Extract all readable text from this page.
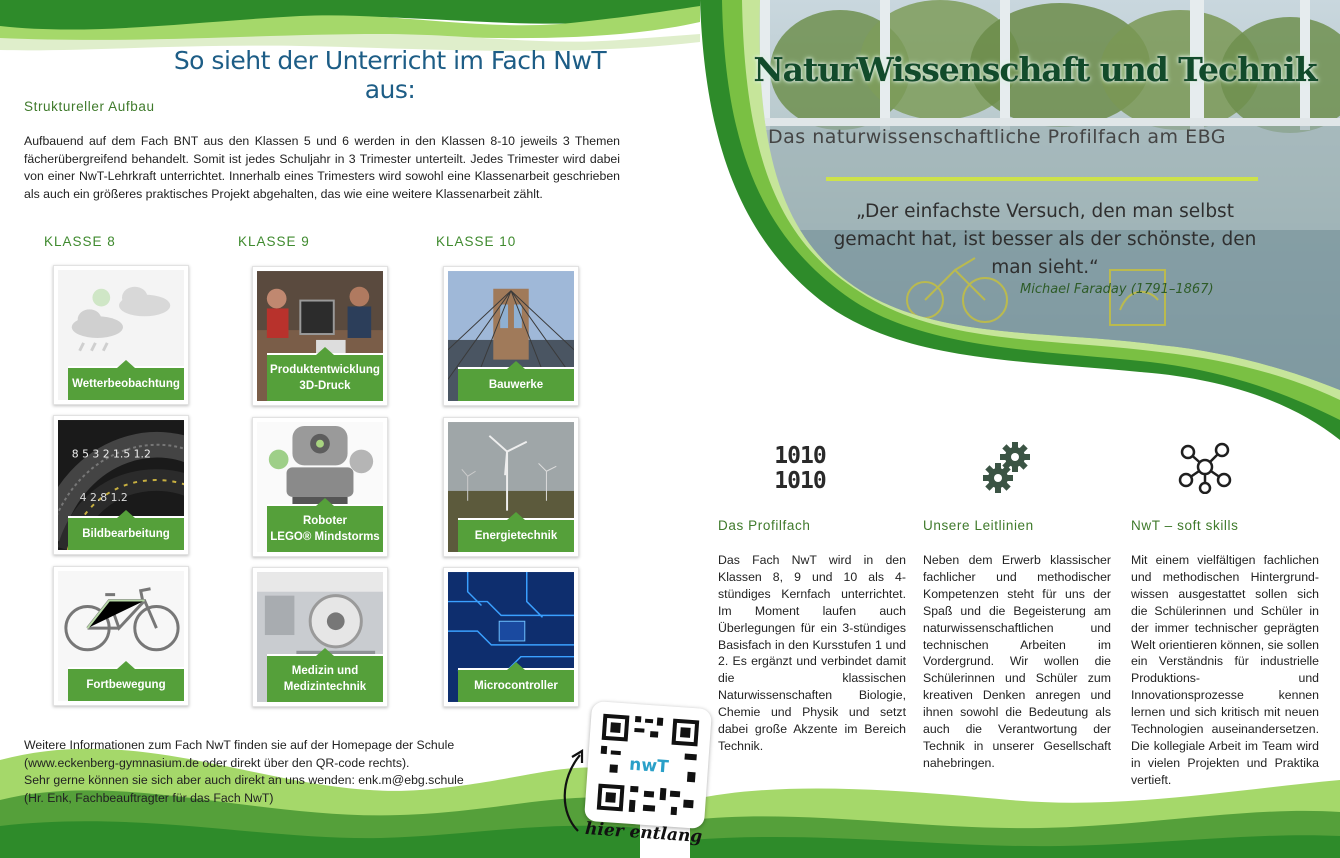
So sieht der Unterricht im Fach NwT aus:
Struktureller Aufbau
Aufbauend auf dem Fach BNT aus den Klassen 5 und 6 werden in den Klassen 8-10 jeweils 3 Themen fächerübergreifend behandelt. Somit ist jedes Schuljahr in 3 Trimester unterteilt. Jedes Trimester wird dabei von einer NwT-Lehrkraft unterrichtet. Innerhalb eines Trimesters wird sowohl eine Klassenarbeit geschrieben als auch ein größeres praktisches Projekt abgehalten, das wie eine weitere Klassenarbeit zählt.
KLASSE 8	KLASSE 9	KLASSE 10
Wetterbeobachtung
8 5 3 2 1.5 1.2
4 2.8 1.2
Bildbearbeitung
Fortbewegung
Produktentwicklung
3D-Druck
Roboter
LEGO® Mindstorms
Medizin und
Medizintechnik
Bauwerke
Energietechnik
Microcontroller
Weitere Informationen zum Fach NwT finden sie auf der Homepage der Schule
(www.eckenberg-gymnasium.de oder direkt über den QR-code rechts).
Sehr gerne können sie sich aber auch direkt an uns wenden: enk.m@ebg.schule
(Hr. Enk, Fachbeauftragter für das Fach NwT)
nwT
hier entlang
NaturWissenschaft und Technik
Das naturwissenschaftliche Profilfach am EBG
„Der einfachste Versuch, den man selbst gemacht hat, ist besser als der schönste, den man sieht.“
Michael Faraday (1791–1867)
1010
1010
Das Profilfach	Unsere Leitlinien	NwT – soft skills
Das Fach NwT wird in den Klassen 8, 9 und 10 als 4-stündiges Kernfach unterrichtet. Im Moment laufen auch Überlegungen für ein 3-stündiges Basisfach in den Kursstufen 1 und 2. Es ergänzt und verbindet damit die klassischen Naturwissenschaften Biologie, Chemie und Physik und setzt dabei große Akzente im Bereich Technik.
Neben dem Erwerb klassischer fachlicher und methodischer Kompetenzen steht für uns der Spaß und die Begeisterung am naturwissenschaftlichen und technischen Arbeiten im Vordergrund. Wir wollen die Schülerinnen und Schüler zum kreativen Denken anregen und ihnen sowohl die Bedeutung als auch die Verantwortung der Technik in unserer Gesellschaft nahebringen.
Mit einem vielfältigen fachlichen und methodischen Hintergrundwissen ausgestattet sollen sich die Schülerinnen und Schüler in der immer technischer geprägten Welt orientieren können, sie sollen ein Verständnis für industrielle Produktions- und Innovationsprozesse kennen lernen und sich kritisch mit neuen Technologien auseinandersetzen. Die kollegiale Arbeit im Team wird in vielen Projekten und Praktika vertieft.
